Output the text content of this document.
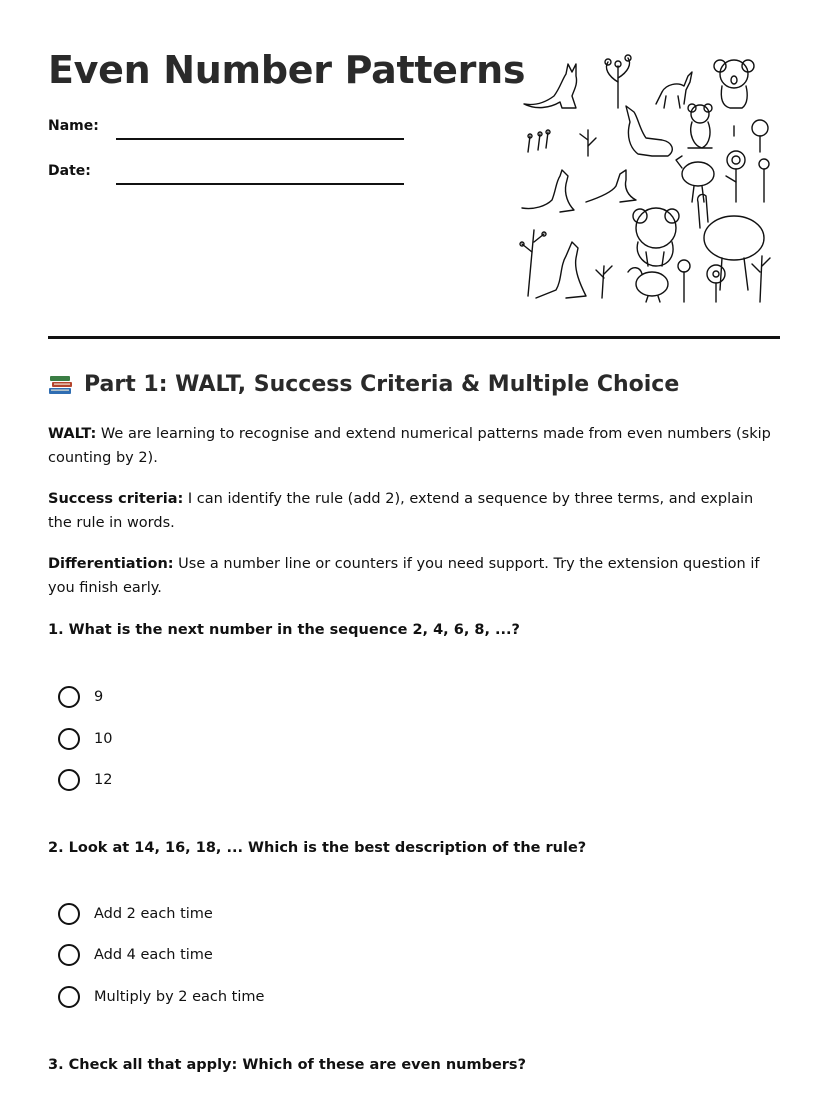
Even Number Patterns
Name:
Date:
Part 1: WALT, Success Criteria & Multiple Choice
WALT: We are learning to recognise and extend numerical patterns made from even numbers (skip counting by 2).
Success criteria: I can identify the rule (add 2), extend a sequence by three terms, and explain the rule in words.
Differentiation: Use a number line or counters if you need support. Try the extension question if you finish early.
1. What is the next number in the sequence 2, 4, 6, 8, ...?
9
10
12
2. Look at 14, 16, 18, ... Which is the best description of the rule?
Add 2 each time
Add 4 each time
Multiply by 2 each time
3. Check all that apply: Which of these are even numbers?
